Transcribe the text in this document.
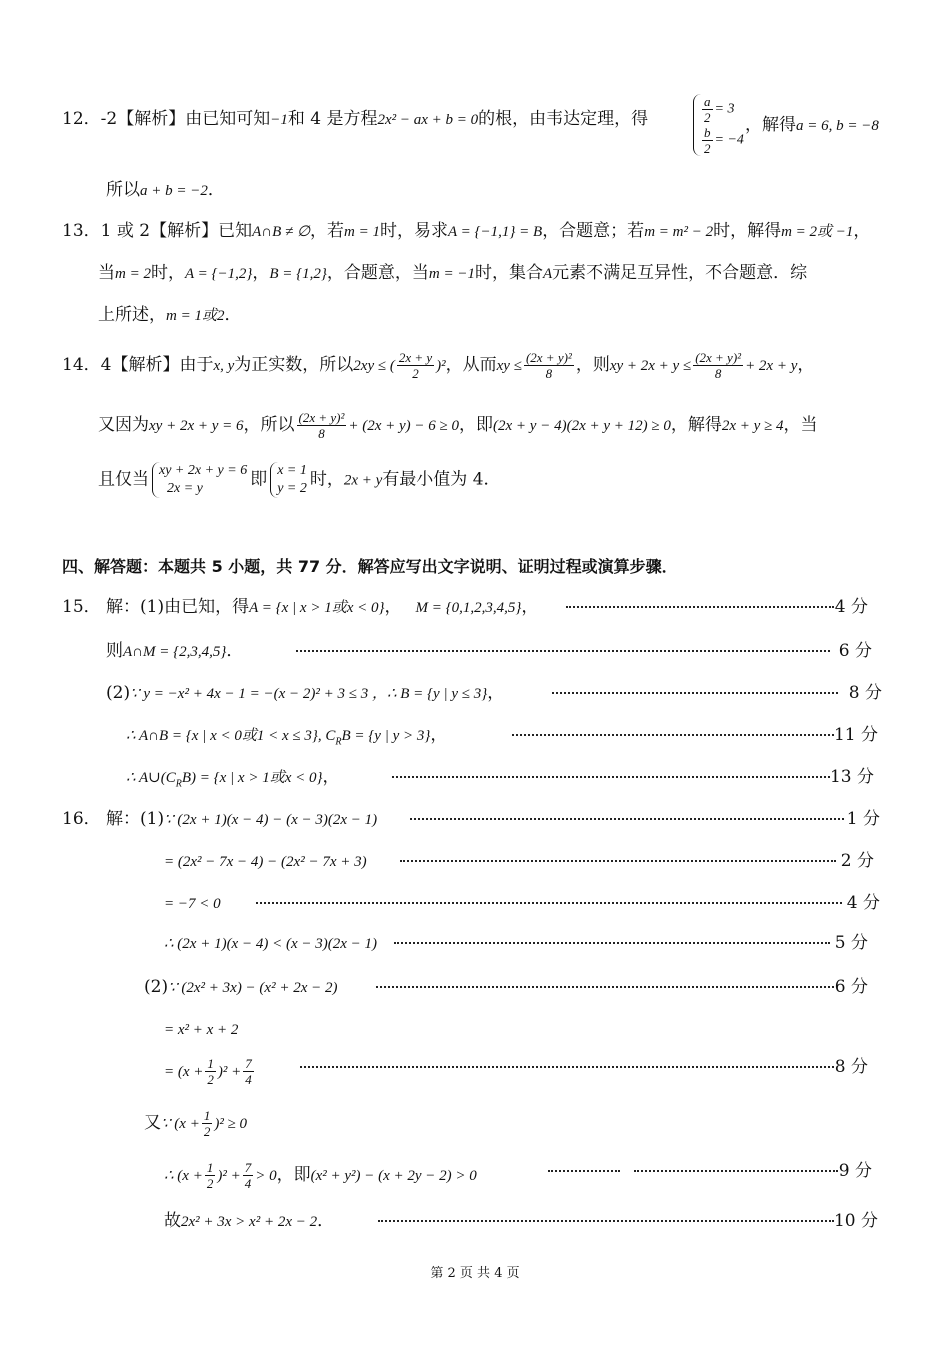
12．-2【解析】由已知可知−1和 4 是方程2x² − ax + b = 0的根，由韦达定理，得	$\frac{a}{2} = 3$
$\frac{b}{2} = -4$
，解得a = 6, b = −8
所以a + b = −2．
13．1 或 2【解析】已知A∩B ≠ ∅，若m = 1时，易求A = {−1,1} = B，合题意；若m = m² − 2时，解得m = 2或 −1，
当m = 2时，A = {−1,2}，B = {1,2}，合题意，当m = −1时，集合A元素不满足互异性，不合题意．综
上所述，m = 1或2．
14．4【解析】由于x, y为正实数，所以2xy ≤ ( $\frac{2x + y}{2} )^2$，从而xy ≤ $\frac{\text{(2x + y)²}}{8}$ ，则xy + $2x + y \le \frac{\text{(2x + y)²}}{8} + 2x + y$，
又因为xy + 2x + y = 6，所以 $\frac{\text{(2x + y)²}}{8} + (2x + y) - 6 \ge 0$，即(2x + y − 4)(2x + y + 12) ≥ 0，解得2x + y ≥ 4，当
且仅当 xy + 2x + y = 6
2x = y	即 x = 1
y = 2 时，2x + y有最小值为 4．
四、解答题：本题共 5 小题，共 77 分．解答应写出文字说明、证明过程或演算步骤．
15． 解：(1)由已知，得A = {x | x > 1或x < 0}， M = {0,1,2,3,4,5}，	4 分
则A∩M = {2,3,4,5}．	6 分
(2)∵ y = −x² + 4x − 1 = −(x − 2)² + 3 ≤ 3 ，∴ B = {y | y ≤ 3}，	8 分
∴ A∩B = {x | x < 0或1 < x ≤ 3}, $C_RB = \{y$ | y > 3}，	11 分
∴ $A\cup(C_RB) = \{x$ | x > 1或x < 0}，	13 分
16． 解：(1)∵ (2x + 1)(x − 4) − (x − 3)(2x − 1)	1 分
= (2x² − 7x − 4) − (2x² − 7x + 3)	2 分
= −7 < 0	4 分
∴ (2x + 1)(x − 4) < (x − 3)(2x − 1)	5 分
(2)∵ (2x² + 3x) − (x² + 2x − 2)	6 分
= x² + x + 2
= $(x + \frac{1}{2} )^2 + \frac{7}{4}$	8 分
又∵ $(x + \frac{1}{2} )^2 \ge 0$
∴ $(x + \frac{1}{2} )^2 + \frac{7}{4} > 0$，即(x² + y²) − (x + 2y − 2) > 0	9 分
故2x² + 3x > x² + 2x − 2．	10 分
第 2 页 共 4 页
